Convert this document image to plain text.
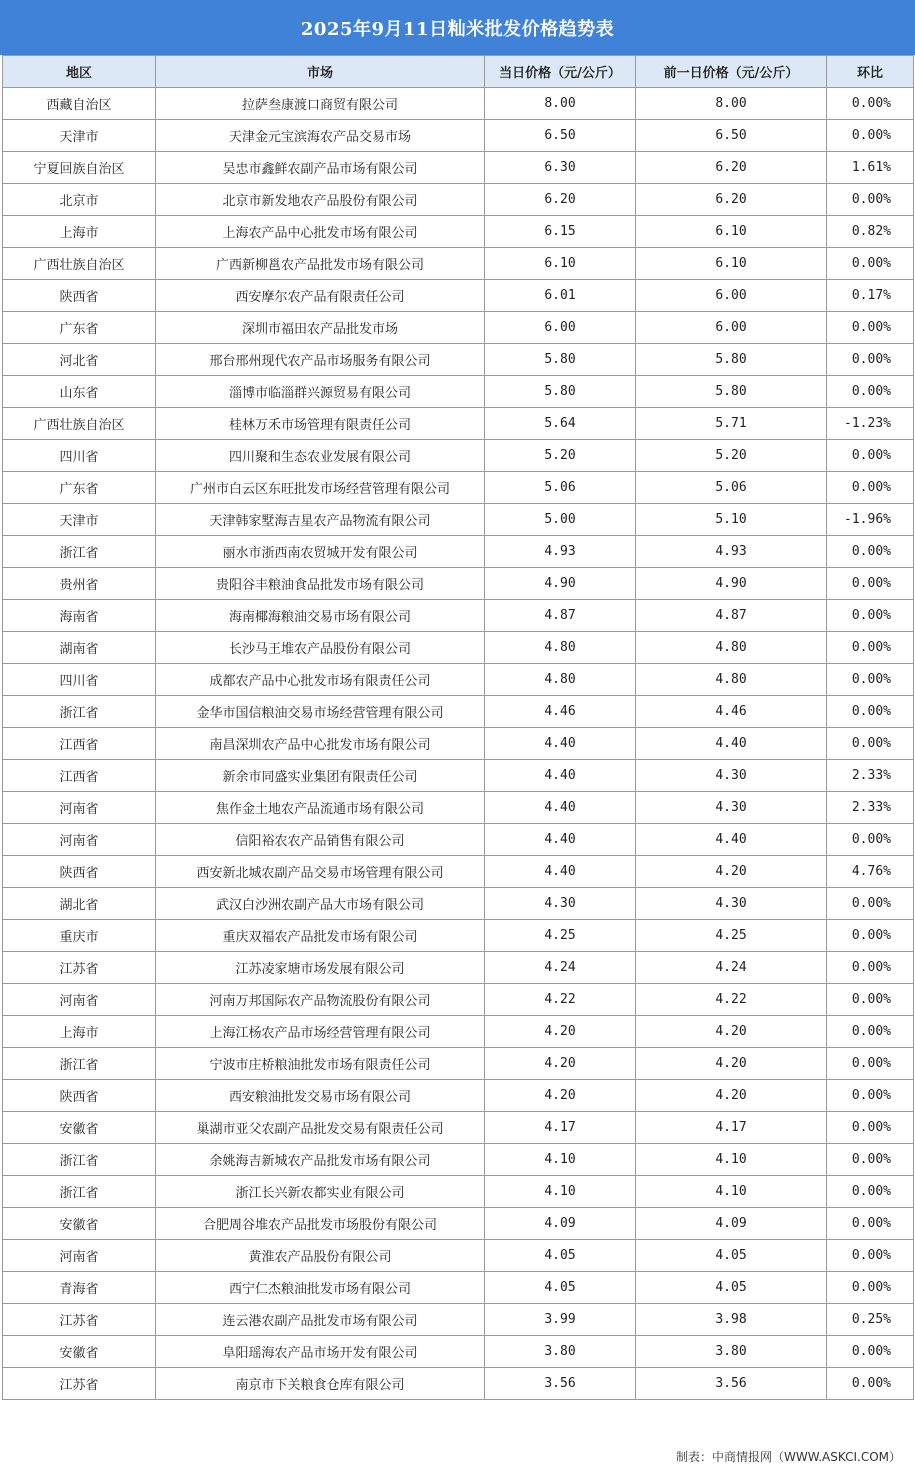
2025年9月11日籼米批发价格趋势表
地区	市场	当日价格（元/公斤）	前一日价格（元/公斤）	环比
西藏自治区	拉萨叁康渡口商贸有限公司	8.00	8.00	0.00%
天津市	天津金元宝滨海农产品交易市场	6.50	6.50	0.00%
宁夏回族自治区	吴忠市鑫鲜农副产品市场有限公司	6.30	6.20	1.61%
北京市	北京市新发地农产品股份有限公司	6.20	6.20	0.00%
上海市	上海农产品中心批发市场有限公司	6.15	6.10	0.82%
广西壮族自治区	广西新柳邕农产品批发市场有限公司	6.10	6.10	0.00%
陕西省	西安摩尔农产品有限责任公司	6.01	6.00	0.17%
广东省	深圳市福田农产品批发市场	6.00	6.00	0.00%
河北省	邢台邢州现代农产品市场服务有限公司	5.80	5.80	0.00%
山东省	淄博市临淄群兴源贸易有限公司	5.80	5.80	0.00%
广西壮族自治区	桂林万禾市场管理有限责任公司	5.64	5.71	-1.23%
四川省	四川聚和生态农业发展有限公司	5.20	5.20	0.00%
广东省	广州市白云区东旺批发市场经营管理有限公司	5.06	5.06	0.00%
天津市	天津韩家墅海吉星农产品物流有限公司	5.00	5.10	-1.96%
浙江省	丽水市浙西南农贸城开发有限公司	4.93	4.93	0.00%
贵州省	贵阳谷丰粮油食品批发市场有限公司	4.90	4.90	0.00%
海南省	海南椰海粮油交易市场有限公司	4.87	4.87	0.00%
湖南省	长沙马王堆农产品股份有限公司	4.80	4.80	0.00%
四川省	成都农产品中心批发市场有限责任公司	4.80	4.80	0.00%
浙江省	金华市国信粮油交易市场经营管理有限公司	4.46	4.46	0.00%
江西省	南昌深圳农产品中心批发市场有限公司	4.40	4.40	0.00%
江西省	新余市同盛实业集团有限责任公司	4.40	4.30	2.33%
河南省	焦作金土地农产品流通市场有限公司	4.40	4.30	2.33%
河南省	信阳裕农农产品销售有限公司	4.40	4.40	0.00%
陕西省	西安新北城农副产品交易市场管理有限公司	4.40	4.20	4.76%
湖北省	武汉白沙洲农副产品大市场有限公司	4.30	4.30	0.00%
重庆市	重庆双福农产品批发市场有限公司	4.25	4.25	0.00%
江苏省	江苏凌家塘市场发展有限公司	4.24	4.24	0.00%
河南省	河南万邦国际农产品物流股份有限公司	4.22	4.22	0.00%
上海市	上海江杨农产品市场经营管理有限公司	4.20	4.20	0.00%
浙江省	宁波市庄桥粮油批发市场有限责任公司	4.20	4.20	0.00%
陕西省	西安粮油批发交易市场有限公司	4.20	4.20	0.00%
安徽省	巢湖市亚父农副产品批发交易有限责任公司	4.17	4.17	0.00%
浙江省	余姚海吉新城农产品批发市场有限公司	4.10	4.10	0.00%
浙江省	浙江长兴新农都实业有限公司	4.10	4.10	0.00%
安徽省	合肥周谷堆农产品批发市场股份有限公司	4.09	4.09	0.00%
河南省	黄淮农产品股份有限公司	4.05	4.05	0.00%
青海省	西宁仁杰粮油批发市场有限公司	4.05	4.05	0.00%
江苏省	连云港农副产品批发市场有限公司	3.99	3.98	0.25%
安徽省	阜阳瑶海农产品市场开发有限公司	3.80	3.80	0.00%
江苏省	南京市下关粮食仓库有限公司	3.56	3.56	0.00%
制表：中商情报网（WWW.ASKCI.COM）
